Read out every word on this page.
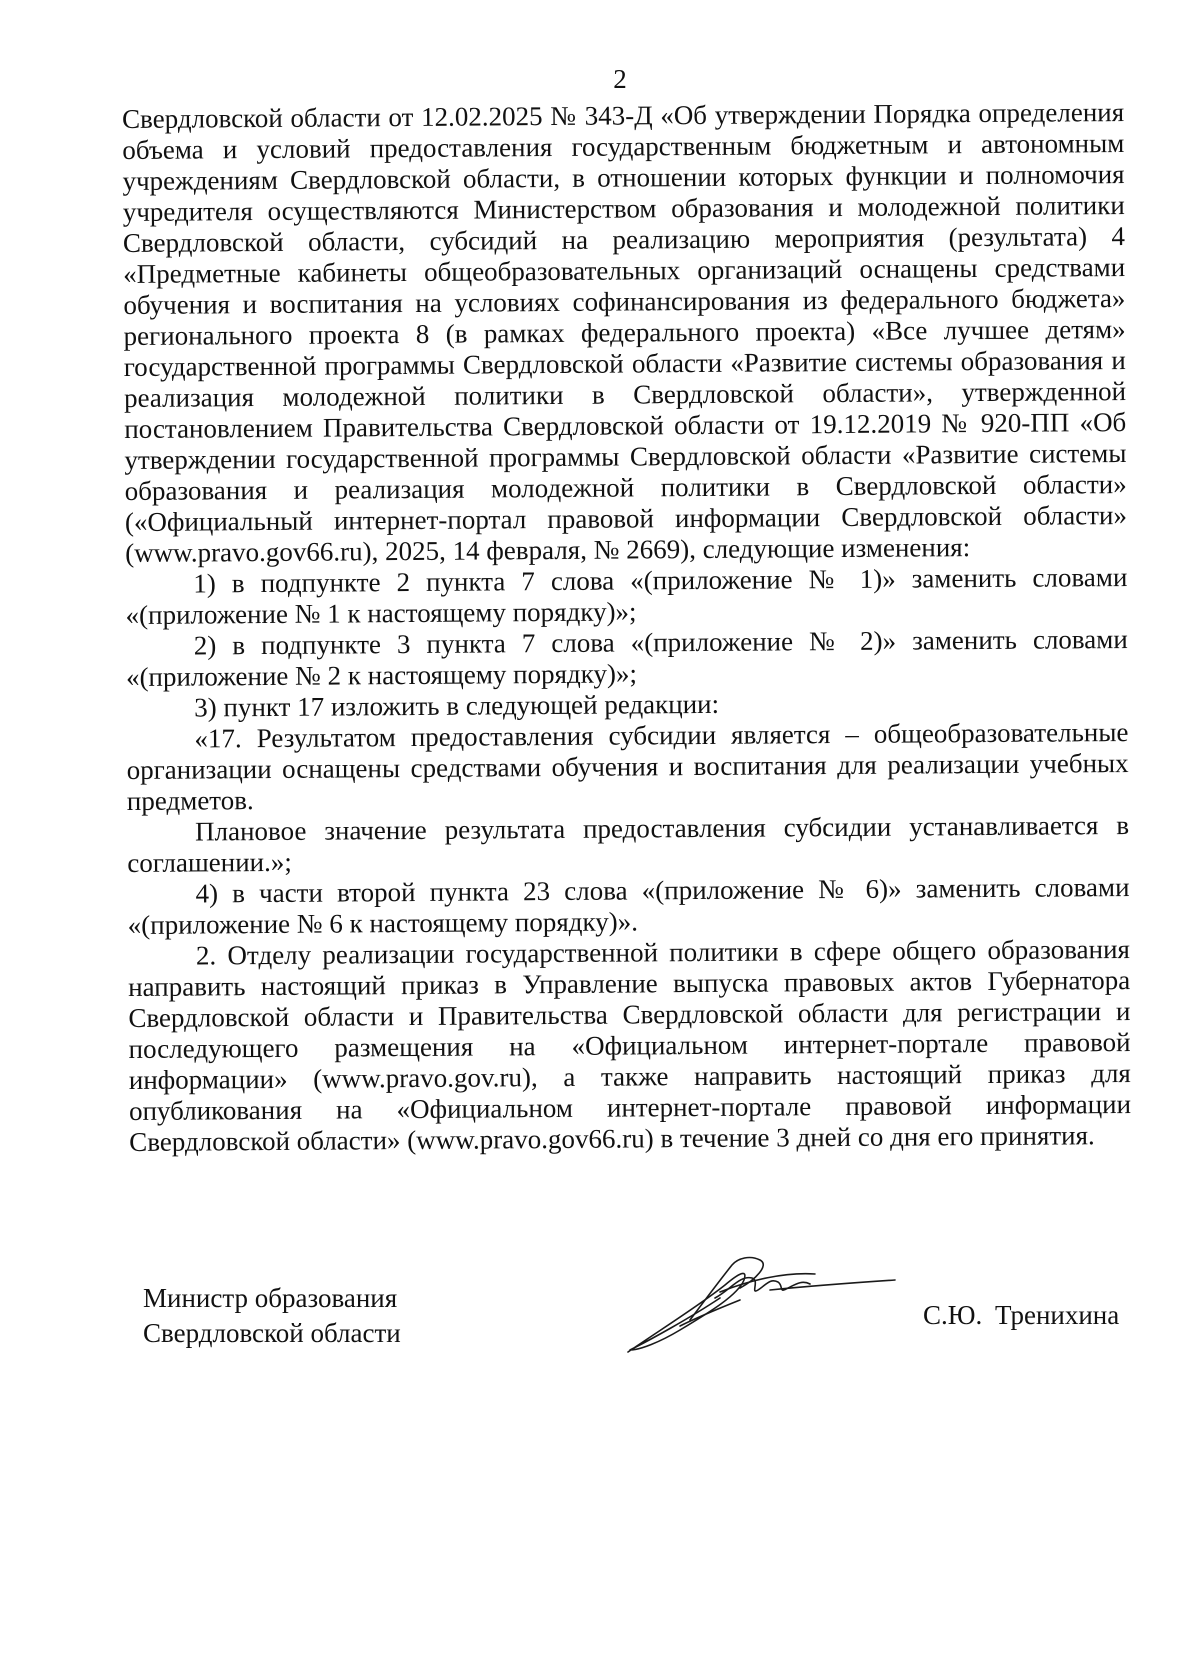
2

Свердловской области от 12.02.2025 № 343-Д «Об утверждении Порядка определения объема и условий предоставления государственным бюджетным и автономным учреждениям Свердловской области, в отношении которых функции и полномочия учредителя осуществляются Министерством образования и молодежной политики Свердловской области, субсидий на реализацию мероприятия (результата) 4 «Предметные кабинеты общеобразовательных организаций оснащены средствами обучения и воспитания на условиях софинансирования из федерального бюджета» регионального проекта 8 (в рамках федерального проекта) «Все лучшее детям» государственной программы Свердловской области «Развитие системы образования и реализация молодежной политики в Свердловской области», утвержденной постановлением Правительства Свердловской области от 19.12.2019 № 920-ПП «Об утверждении государственной программы Свердловской области «Развитие системы образования и реализация молодежной политики в Свердловской области» («Официальный интернет-портал правовой информации Свердловской области» (www.pravo.gov66.ru), 2025, 14 февраля, № 2669), следующие изменения:

1) в подпункте 2 пункта 7 слова «(приложение № 1)» заменить словами «(приложение № 1 к настоящему порядку)»;

2) в подпункте 3 пункта 7 слова «(приложение № 2)» заменить словами «(приложение № 2 к настоящему порядку)»;

3) пункт 17 изложить в следующей редакции:

«17. Результатом предоставления субсидии является – общеобразовательные организации оснащены средствами обучения и воспитания для реализации учебных предметов.

Плановое значение результата предоставления субсидии устанавливается в соглашении.»;

4) в части второй пункта 23 слова «(приложение № 6)» заменить словами «(приложение № 6 к настоящему порядку)».

2. Отделу реализации государственной политики в сфере общего образования направить настоящий приказ в Управление выпуска правовых актов Губернатора Свердловской области и Правительства Свердловской области для регистрации и последующего размещения на «Официальном интернет-портале правовой информации» (www.pravo.gov.ru), а также направить настоящий приказ для опубликования на «Официальном интернет-портале правовой информации Свердловской области» (www.pravo.gov66.ru) в течение 3 дней со дня его принятия.

Министр образования
Свердловской области
С.Ю. Тренихина
